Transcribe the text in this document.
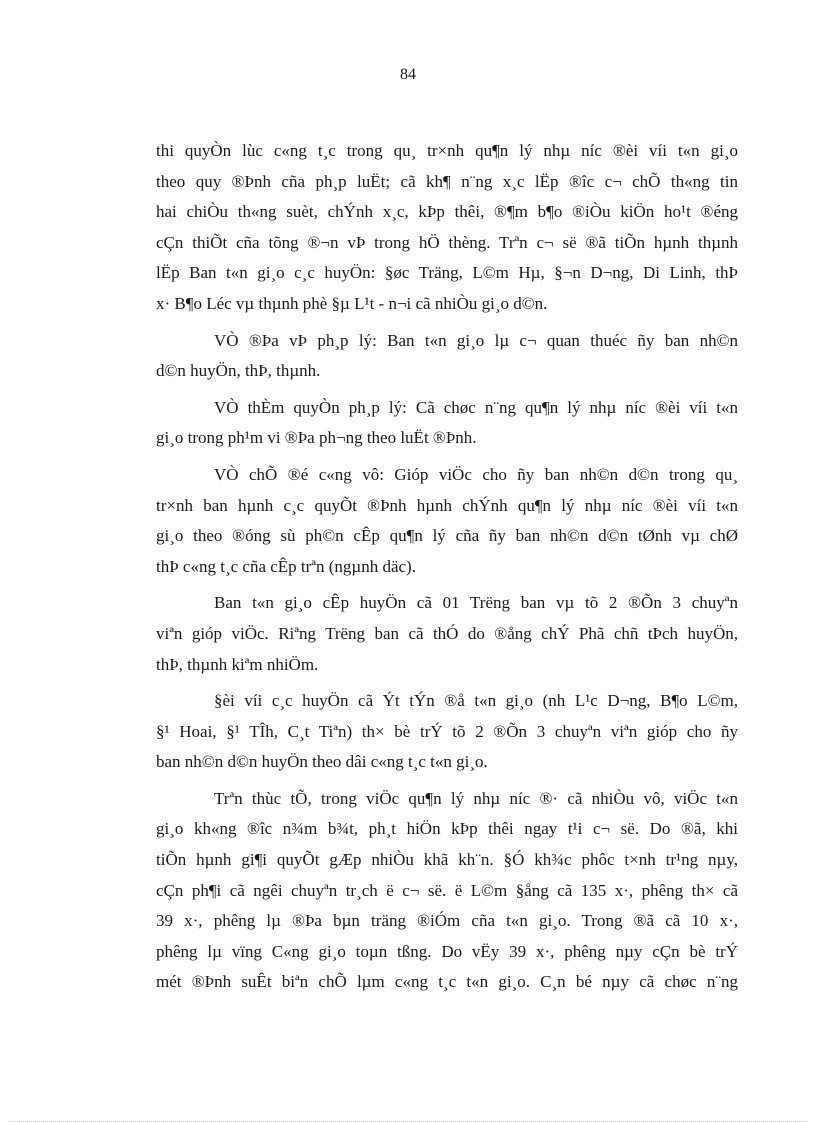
84
thi quyÒn lùc c«ng t¸c trong qu¸ tr×nh qu¶n lý nhµ níc ®èi víi t«n gi¸o
theo quy ®Þnh cña ph¸p luËt; cã kh¶ n¨ng x¸c lËp ®îc c¬ chÕ th«ng tin
hai chiÒu th«ng suèt, chÝnh x¸c, kÞp thêi, ®¶m b¶o ®iÒu kiÖn ho¹t ®éng
cÇn thiÕt cña tõng ®¬n vÞ trong hÖ thèng. Trªn c¬ së ®ã tiÕn hµnh thµnh
lËp Ban t«n gi¸o c¸c huyÖn: §øc Träng, L©m Hµ, §¬n D¬ng, Di Linh, thÞ
x· B¶o Léc vµ thµnh phè §µ L¹t - n¬i cã nhiÒu gi¸o d©n.
VÒ ®Þa vÞ ph¸p lý: Ban t«n gi¸o lµ c¬ quan thuéc ñy ban nh©n
d©n huyÖn, thÞ, thµnh.
VÒ thÈm quyÒn ph¸p lý: Cã chøc n¨ng qu¶n lý nhµ níc ®èi víi t«n
gi¸o trong ph¹m vi ®Þa ph¬ng theo luËt ®Þnh.
VÒ chÕ ®é c«ng vô: Gióp viÖc cho ñy ban nh©n d©n trong qu¸
tr×nh ban hµnh c¸c quyÕt ®Þnh hµnh chÝnh qu¶n lý nhµ níc ®èi víi t«n
gi¸o theo ®óng sù ph©n cÊp qu¶n lý cña ñy ban nh©n d©n tØnh vµ chØ
thÞ c«ng t¸c cña cÊp trªn (ngµnh däc).
Ban t«n gi¸o cÊp huyÖn cã 01 Trëng ban vµ tõ 2 ®Õn 3 chuyªn
viªn gióp viÖc. Riªng Trëng ban cã thÓ do ®ång chÝ Phã chñ tÞch huyÖn,
thÞ, thµnh kiªm nhiÖm.
§èi víi c¸c huyÖn cã Ýt tÝn ®å t«n gi¸o (nh L¹c D¬ng, B¶o L©m,
§¹ Hoai, §¹ TÎh, C¸t Tiªn) th× bè trÝ tõ 2 ®Õn 3 chuyªn viªn gióp cho ñy
ban nh©n d©n huyÖn theo dâi c«ng t¸c t«n gi¸o.
Trªn thùc tÕ, trong viÖc qu¶n lý nhµ níc ®· cã nhiÒu vô, viÖc t«n
gi¸o kh«ng ®îc n¾m b¾t, ph¸t hiÖn kÞp thêi ngay t¹i c¬ së. Do ®ã, khi
tiÕn hµnh gi¶i quyÕt gÆp nhiÒu khã kh¨n. §Ó kh¾c phôc t×nh tr¹ng nµy,
cÇn ph¶i cã ngêi chuyªn tr¸ch ë c¬ së. ë L©m §ång cã 135 x·, phêng th× cã
39 x·, phêng lµ ®Þa bµn träng ®iÓm cña t«n gi¸o. Trong ®ã cã 10 x·,
phêng lµ vïng C«ng gi¸o toµn tßng. Do vËy 39 x·, phêng nµy cÇn bè trÝ
mét ®Þnh suÊt biªn chÕ lµm c«ng t¸c t«n gi¸o. C¸n bé nµy cã chøc n¨ng
